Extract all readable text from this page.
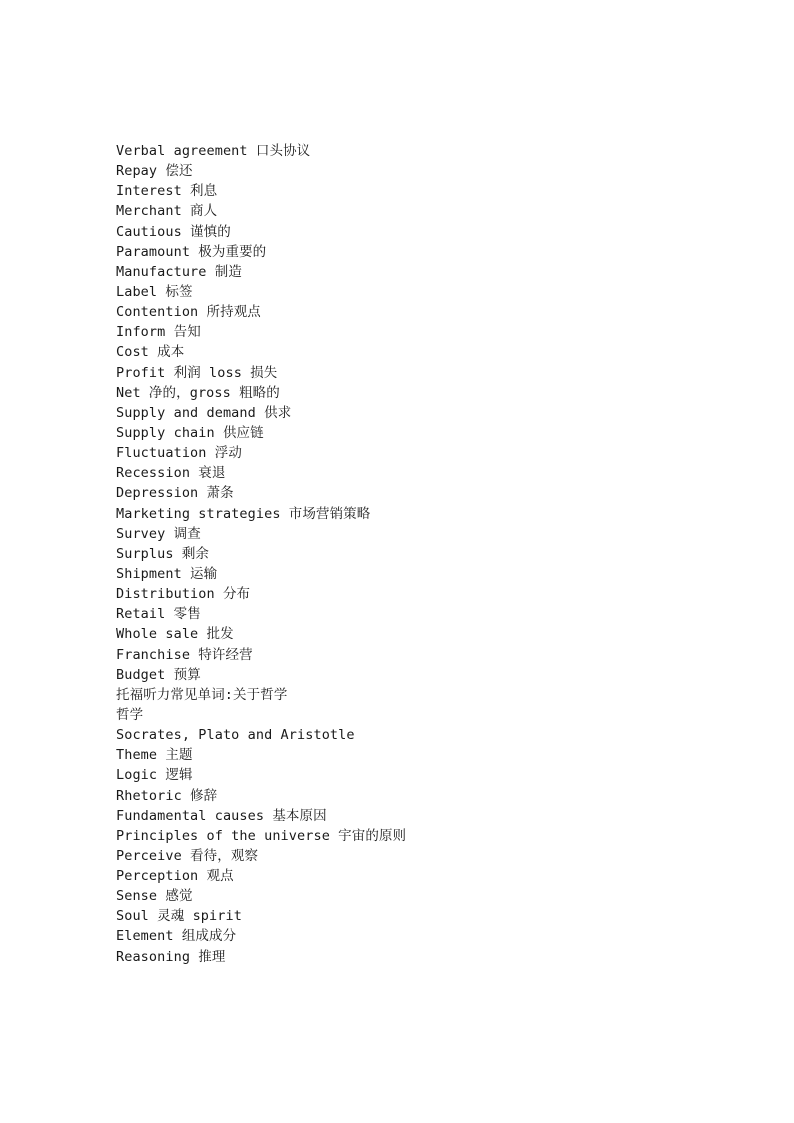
Verbal agreement 口头协议
Repay 偿还
Interest 利息
Merchant 商人
Cautious 谨慎的
Paramount 极为重要的
Manufacture 制造
Label 标签
Contention 所持观点
Inform 告知
Cost 成本
Profit 利润 loss 损失
Net 净的，gross 粗略的
Supply and demand 供求
Supply chain 供应链
Fluctuation 浮动
Recession 衰退
Depression 萧条
Marketing strategies 市场营销策略
Survey 调查
Surplus 剩余
Shipment 运输
Distribution 分布
Retail 零售
Whole sale 批发
Franchise 特许经营
Budget 预算
托福听力常见单词:关于哲学
哲学
Socrates, Plato and Aristotle
Theme 主题
Logic 逻辑
Rhetoric 修辞
Fundamental causes 基本原因
Principles of the universe 宇宙的原则
Perceive 看待，观察
Perception 观点
Sense 感觉
Soul 灵魂 spirit
Element 组成成分
Reasoning 推理
